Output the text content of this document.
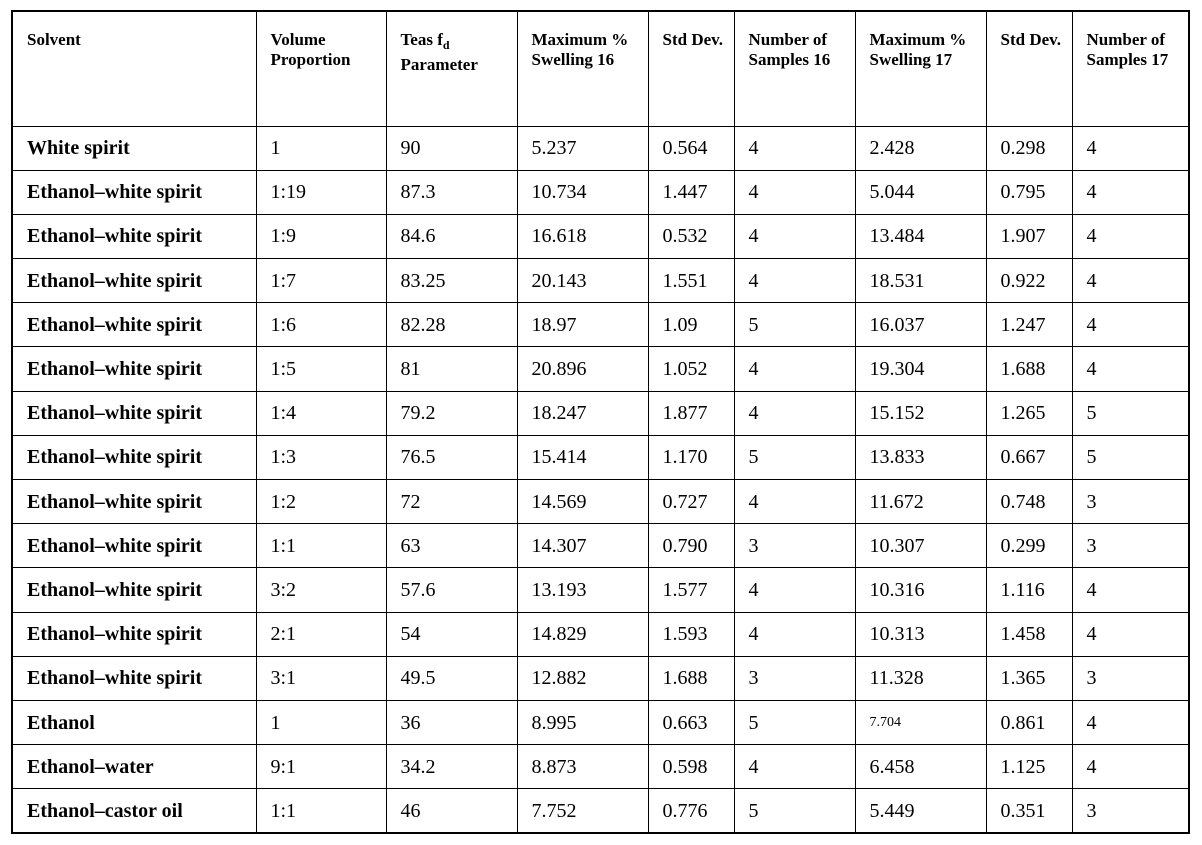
Solvent	Volume Proportion	Teas $f_d$ Parameter	Maximum % Swelling 16	Std Dev.	Number of Samples 16	Maximum % Swelling 17	Std Dev.	Number of Samples 17
White spirit	1	90	5.237	0.564	4	2.428	0.298	4
Ethanol–white spirit	1:19	87.3	10.734	1.447	4	5.044	0.795	4
Ethanol–white spirit	1:9	84.6	16.618	0.532	4	13.484	1.907	4
Ethanol–white spirit	1:7	83.25	20.143	1.551	4	18.531	0.922	4
Ethanol–white spirit	1:6	82.28	18.97	1.09	5	16.037	1.247	4
Ethanol–white spirit	1:5	81	20.896	1.052	4	19.304	1.688	4
Ethanol–white spirit	1:4	79.2	18.247	1.877	4	15.152	1.265	5
Ethanol–white spirit	1:3	76.5	15.414	1.170	5	13.833	0.667	5
Ethanol–white spirit	1:2	72	14.569	0.727	4	11.672	0.748	3
Ethanol–white spirit	1:1	63	14.307	0.790	3	10.307	0.299	3
Ethanol–white spirit	3:2	57.6	13.193	1.577	4	10.316	1.116	4
Ethanol–white spirit	2:1	54	14.829	1.593	4	10.313	1.458	4
Ethanol–white spirit	3:1	49.5	12.882	1.688	3	11.328	1.365	3
Ethanol	1	36	8.995	0.663	5	7.704	0.861	4
Ethanol–water	9:1	34.2	8.873	0.598	4	6.458	1.125	4
Ethanol–castor oil	1:1	46	7.752	0.776	5	5.449	0.351	3
